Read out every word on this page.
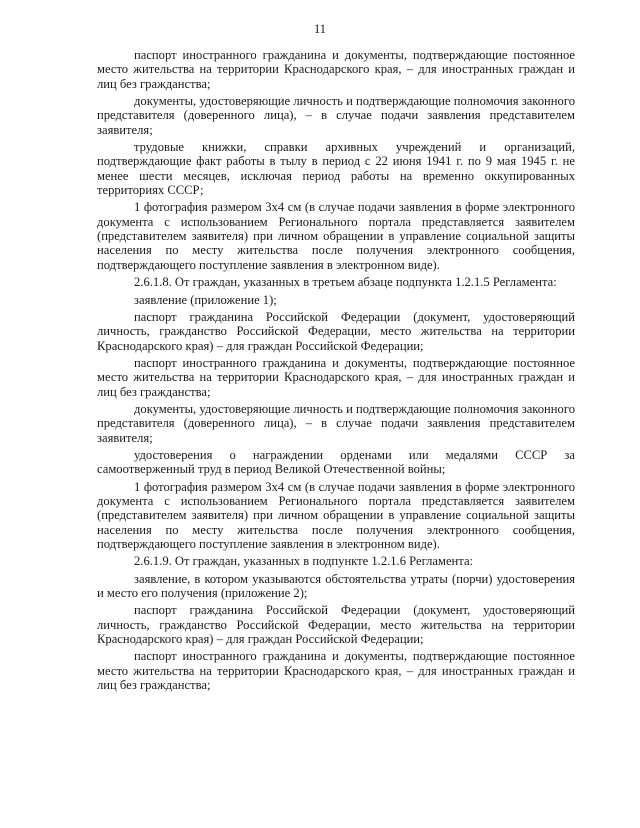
11

паспорт иностранного гражданина и документы, подтверждающие постоянное место жительства на территории Краснодарского края, – для иностранных граждан и лиц без гражданства;

документы, удостоверяющие личность и подтверждающие полномочия законного представителя (доверенного лица), – в случае подачи заявления представителем заявителя;

трудовые книжки, справки архивных учреждений и организаций, подтверждающие факт работы в тылу в период с 22 июня 1941 г. по 9 мая 1945 г. не менее шести месяцев, исключая период работы на временно оккупированных территориях СССР;

1 фотография размером 3х4 см (в случае подачи заявления в форме электронного документа с использованием Регионального портала представляется заявителем (представителем заявителя) при личном обращении в управление социальной защиты населения по месту жительства после получения электронного сообщения, подтверждающего поступление заявления в электронном виде).

2.6.1.8. От граждан, указанных в третьем абзаце подпункта 1.2.1.5 Регламента:

заявление (приложение 1);

паспорт гражданина Российской Федерации (документ, удостоверяющий личность, гражданство Российской Федерации, место жительства на территории Краснодарского края) – для граждан Российской Федерации;

паспорт иностранного гражданина и документы, подтверждающие постоянное место жительства на территории Краснодарского края, – для иностранных граждан и лиц без гражданства;

документы, удостоверяющие личность и подтверждающие полномочия законного представителя (доверенного лица), – в случае подачи заявления представителем заявителя;

удостоверения о награждении орденами или медалями СССР за самоотверженный труд в период Великой Отечественной войны;

1 фотография размером 3х4 см (в случае подачи заявления в форме электронного документа с использованием Регионального портала представляется заявителем (представителем заявителя) при личном обращении в управление социальной защиты населения по месту жительства после получения электронного сообщения, подтверждающего поступление заявления в электронном виде).

2.6.1.9. От граждан, указанных в подпункте 1.2.1.6 Регламента:

заявление, в котором указываются обстоятельства утраты (порчи) удостоверения и место его получения (приложение 2);

паспорт гражданина Российской Федерации (документ, удостоверяющий личность, гражданство Российской Федерации, место жительства на территории Краснодарского края) – для граждан Российской Федерации;

паспорт иностранного гражданина и документы, подтверждающие постоянное место жительства на территории Краснодарского края, – для иностранных граждан и лиц без гражданства;
